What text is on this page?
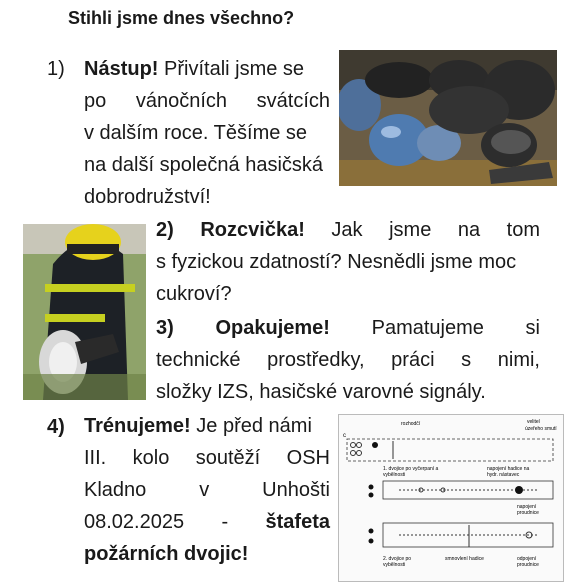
Stihli jsme dnes všechno?
1) Nástup! Přivítali jsme se
po vánočních svátcích
v dalším roce. Těšíme se
na další společná hasičská
dobrodružství!
2) Rozcvička! Jak jsme na tom
s fyzickou zdatností? Nesnědli jsme moc
cukroví?
3) Opakujeme! Pamatujeme si
technické prostředky, práci s nimi,
složky IZS, hasičské varovné signály.
4) Trénujeme! Je před námi
III. kolo soutěží OSH
Kladno v Unhošti
08.02.2025 - štafeta
požárních dvojic!
rozhodčí	velitel
úzeřeho smutí
c
1. dvojice po vyčerpaní a
vybělnosti
napojení hadice na
hydr. nástavec
napojení
proudnice
2. dvojice po
vybělnosti
smnovlení hadice	odpojení
proudnice
